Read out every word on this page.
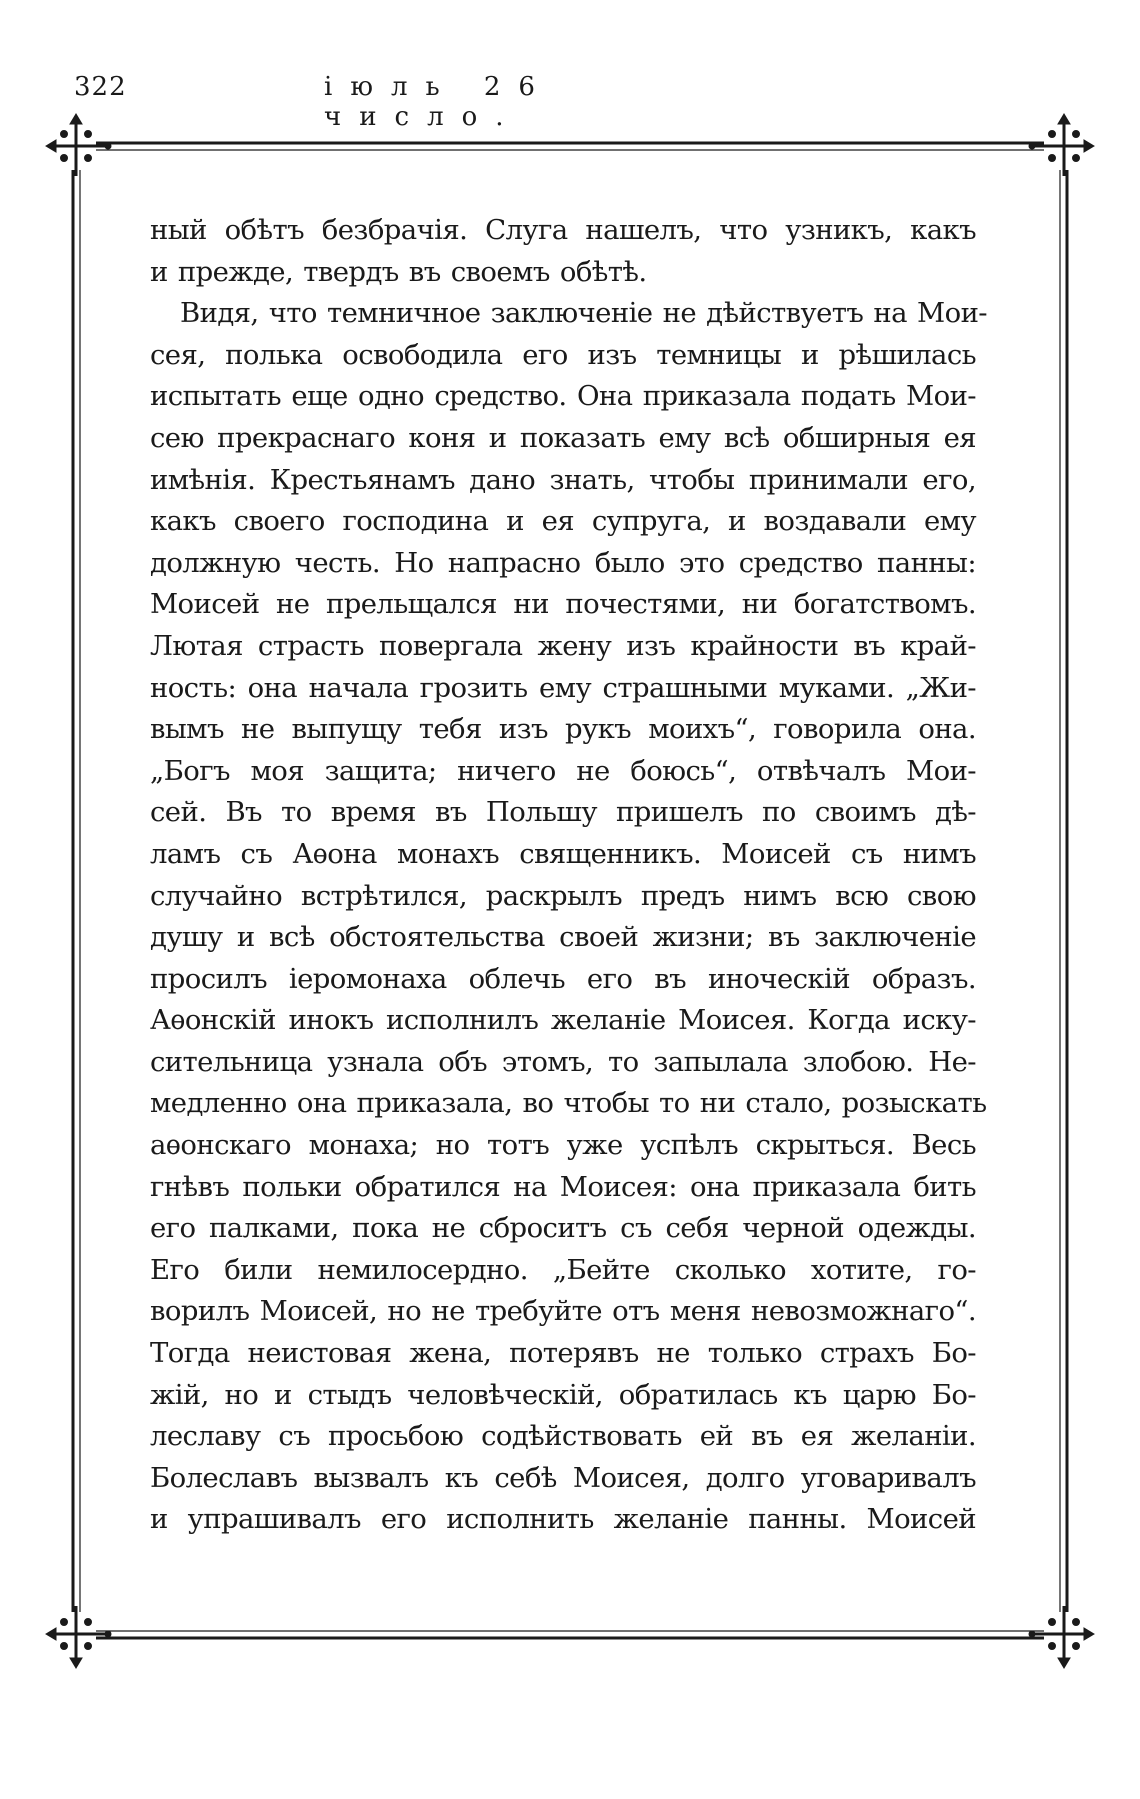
322	іюль 26 число.
ный обѣтъ безбрачія. Слуга нашелъ, что узникъ, какъ
и прежде, твердъ въ своемъ обѣтѣ.
Видя, что темничное заключеніе не дѣйствуетъ на Мои-
сея, полька освободила его изъ темницы и рѣшилась
испытать еще одно средство. Она приказала подать Мои-
сею прекраснаго коня и показать ему всѣ обширныя ея
имѣнія. Крестьянамъ дано знать, чтобы принимали его,
какъ своего господина и ея супруга, и воздавали ему
должную честь. Но напрасно было это средство панны:
Моисей не прельщался ни почестями, ни богатствомъ.
Лютая страсть повергала жену изъ крайности въ край-
ность: она начала грозить ему страшными муками. „Жи-
вымъ не выпущу тебя изъ рукъ моихъ“, говорила она.
„Богъ моя защита; ничего не боюсь“, отвѣчалъ Мои-
сей. Въ то время въ Польшу пришелъ по своимъ дѣ-
ламъ съ Аѳона монахъ священникъ. Моисей съ нимъ
случайно встрѣтился, раскрылъ предъ нимъ всю свою
душу и всѣ обстоятельства своей жизни; въ заключеніе
просилъ іеромонаха облечь его въ иноческій образъ.
Аѳонскій инокъ исполнилъ желаніе Моисея. Когда иску-
сительница узнала объ этомъ, то запылала злобою. Не-
медленно она приказала, во чтобы то ни стало, розыскать
аѳонскаго монаха; но тотъ уже успѣлъ скрыться. Весь
гнѣвъ польки обратился на Моисея: она приказала бить
его палками, пока не сброситъ съ себя черной одежды.
Его били немилосердно. „Бейте сколько хотите, го-
ворилъ Моисей, но не требуйте отъ меня невозможнаго“.
Тогда неистовая жена, потерявъ не только страхъ Бо-
жій, но и стыдъ человѣческій, обратилась къ царю Бо-
леславу съ просьбою содѣйствовать ей въ ея желаніи.
Болеславъ вызвалъ къ себѣ Моисея, долго уговаривалъ
и упрашивалъ его исполнить желаніе панны. Моисей
